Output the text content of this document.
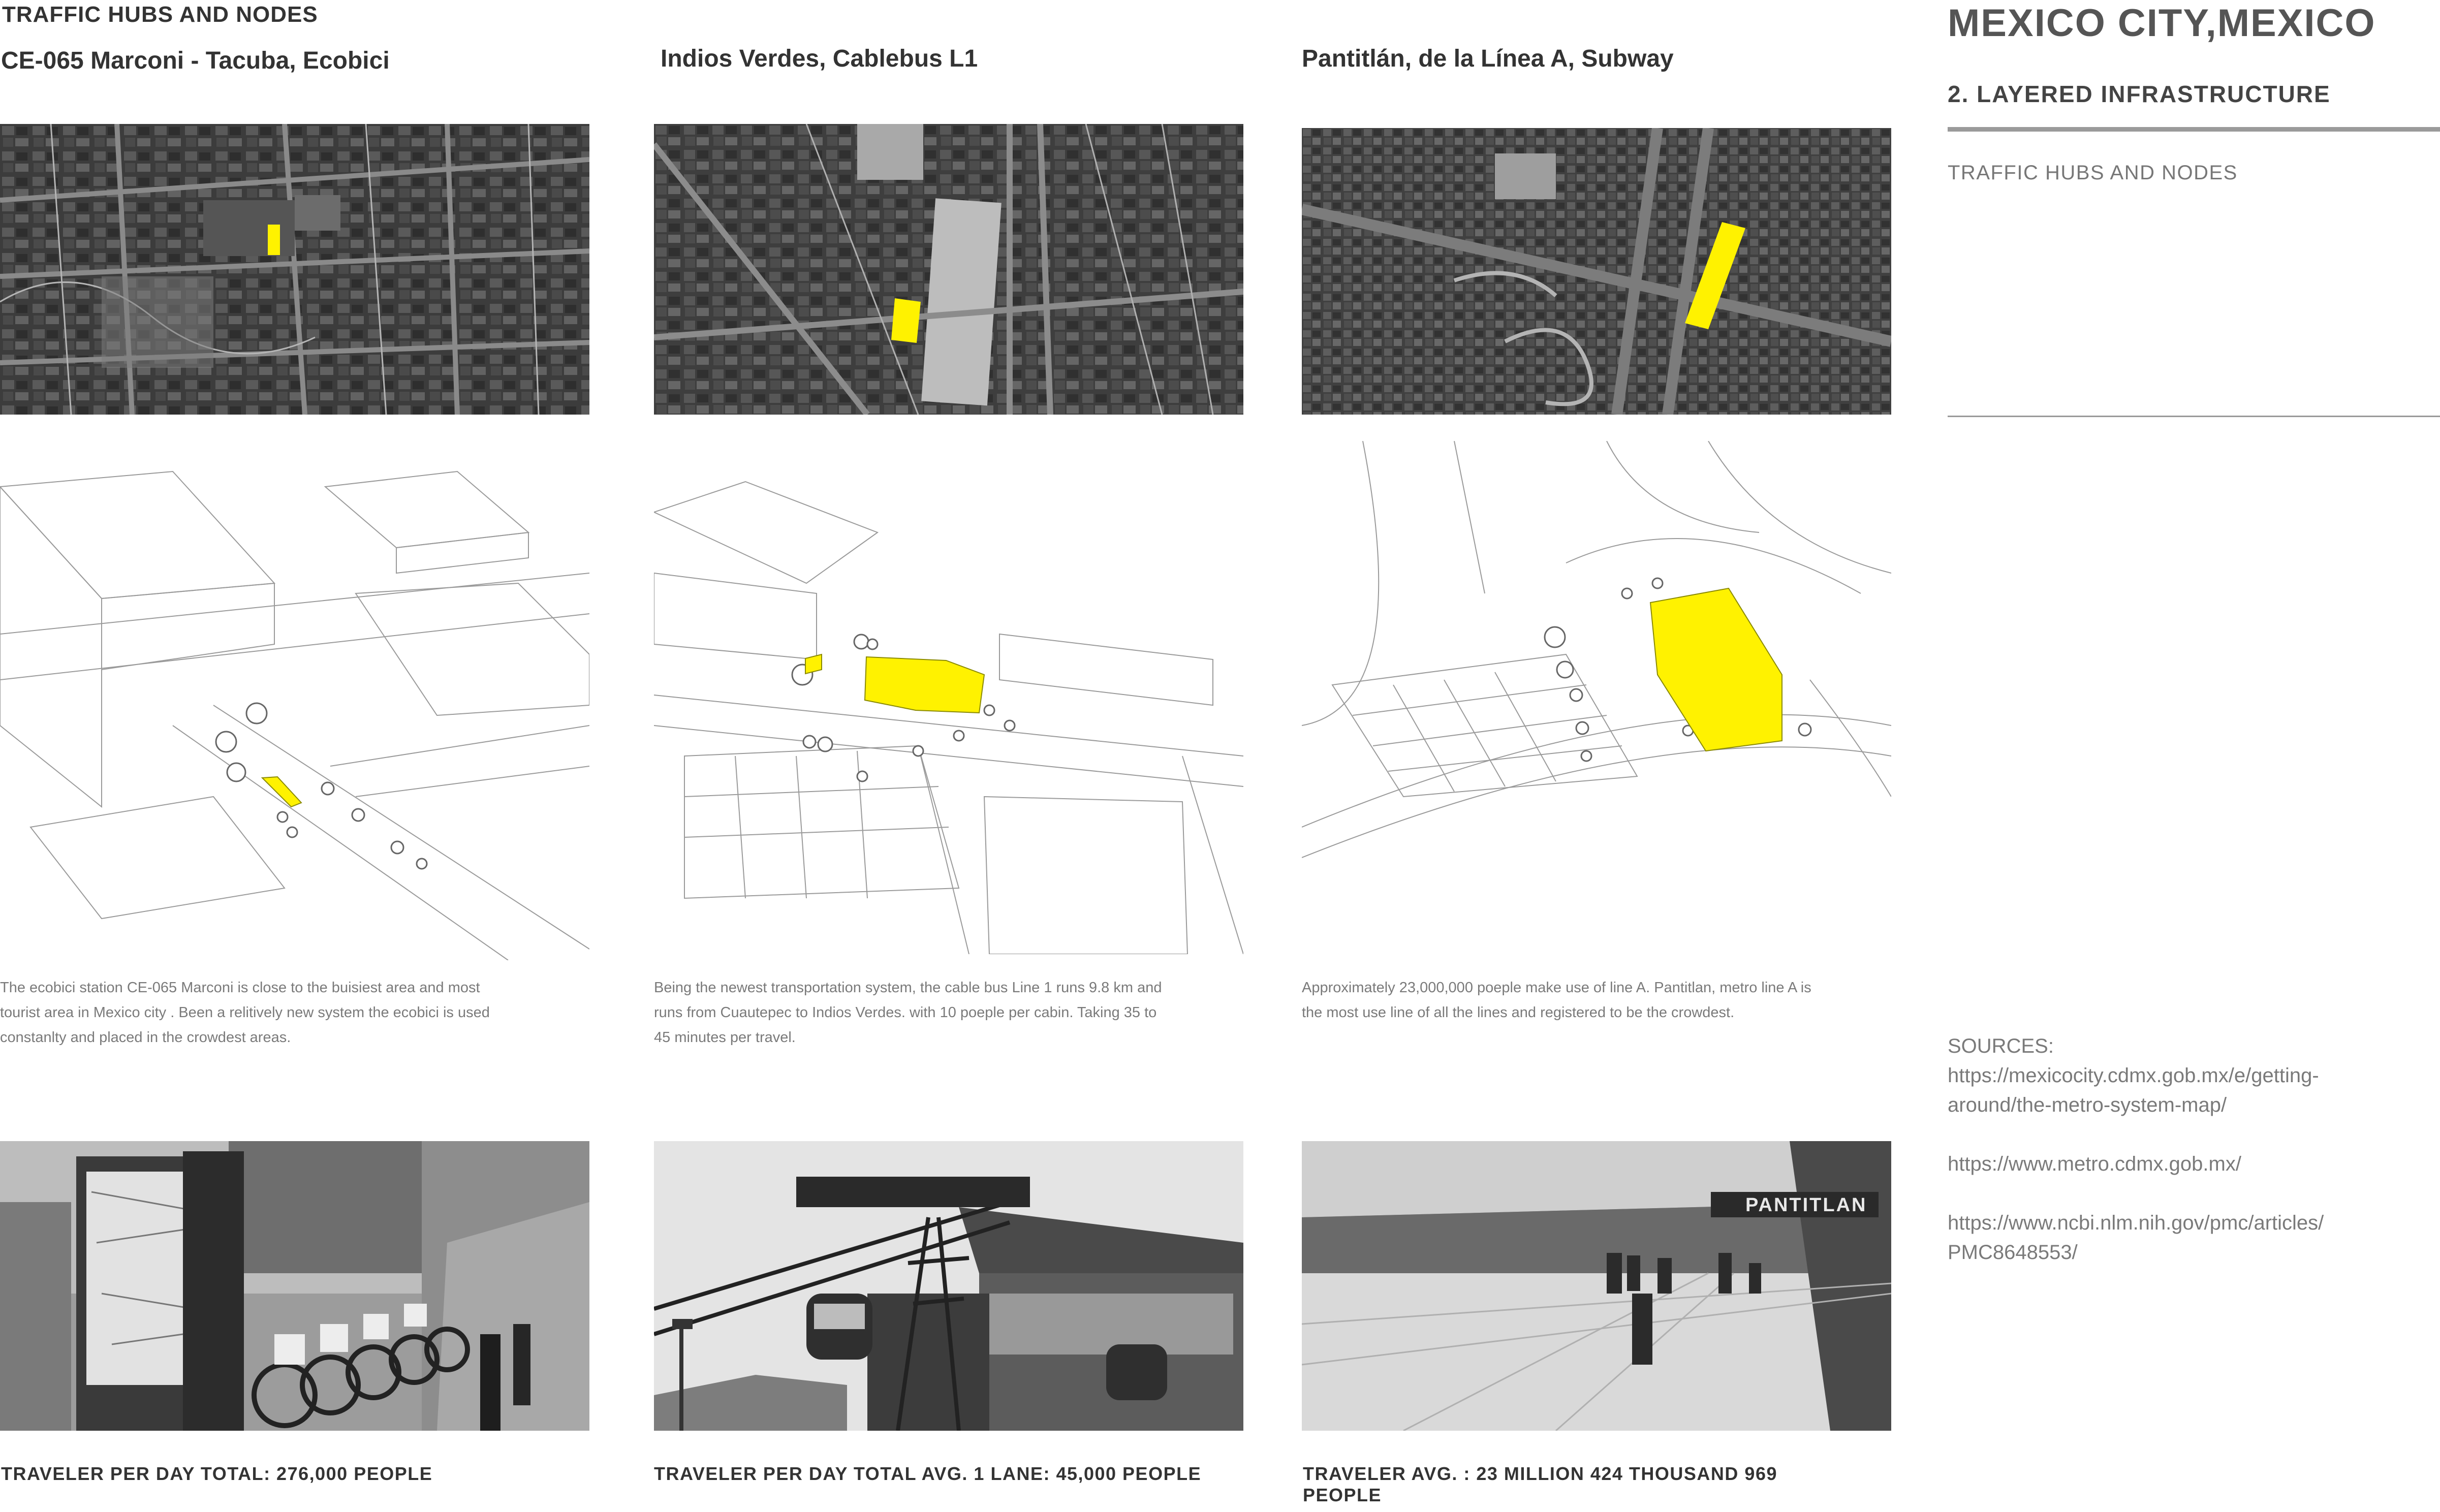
TRAFFIC HUBS AND NODES
CE-065 Marconi - Tacuba, Ecobici	Indios Verdes, Cablebus L1	Pantitlán, de la Línea A, Subway
The ecobici station CE-065 Marconi is close to the buisiest area and most
tourist area in Mexico city . Been a relitively new system the ecobici is used
constanlty and placed in the crowdest areas.
Being the newest transportation system, the cable bus Line 1 runs 9.8 km and
runs from Cuautepec to Indios Verdes. with 10 poeple per cabin. Taking 35 to
45 minutes per travel.
Approximately 23,000,000 poeple make use of line A. Pantitlan, metro line A is
the most use line of all the lines and registered to be the crowdest.
PANTITLAN
TRAVELER PER DAY TOTAL: 276,000 PEOPLE	TRAVELER PER DAY TOTAL AVG. 1 LANE: 45,000 PEOPLE	TRAVELER AVG. : 23 MILLION 424 THOUSAND 969
PEOPLE
MEXICO CITY,MEXICO
2. LAYERED INFRASTRUCTURE
TRAFFIC HUBS AND NODES
SOURCES:
https://mexicocity.cdmx.gob.mx/e/getting-
around/the-metro-system-map/
https://www.metro.cdmx.gob.mx/
https://www.ncbi.nlm.nih.gov/pmc/articles/
PMC8648553/
